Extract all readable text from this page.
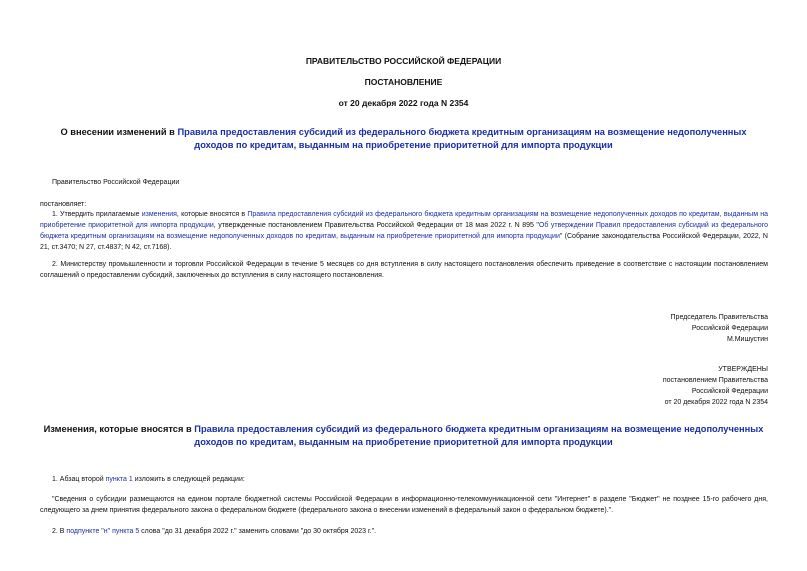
ПРАВИТЕЛЬСТВО РОССИЙСКОЙ ФЕДЕРАЦИИ
ПОСТАНОВЛЕНИЕ
от 20 декабря 2022 года N 2354
О внесении изменений в Правила предоставления субсидий из федерального бюджета кредитным организациям на возмещение недополученных доходов по кредитам, выданным на приобретение приоритетной для импорта продукции
Правительство Российской Федерации
постановляет:
1. Утвердить прилагаемые изменения, которые вносятся в Правила предоставления субсидий из федерального бюджета кредитным организациям на возмещение недополученных доходов по кредитам, выданным на приобретение приоритетной для импорта продукции, утвержденные постановлением Правительства Российской Федерации от 18 мая 2022 г. N 895 "Об утверждении Правил предоставления субсидий из федерального бюджета кредитным организациям на возмещение недополученных доходов по кредитам, выданным на приобретение приоритетной для импорта продукции" (Собрание законодательства Российской Федерации, 2022, N 21, ст.3470; N 27, ст.4837; N 42, ст.7168).
2. Министерству промышленности и торговли Российской Федерации в течение 5 месяцев со дня вступления в силу настоящего постановления обеспечить приведение в соответствие с настоящим постановлением соглашений о предоставлении субсидий, заключенных до вступления в силу настоящего постановления.
Председатель Правительства
Российской Федерации
М.Мишустин
УТВЕРЖДЕНЫ
постановлением Правительства
Российской Федерации
от 20 декабря 2022 года N 2354
Изменения, которые вносятся в Правила предоставления субсидий из федерального бюджета кредитным организациям на возмещение недополученных доходов по кредитам, выданным на приобретение приоритетной для импорта продукции
1. Абзац второй пункта 1 изложить в следующей редакции:
"Сведения о субсидии размещаются на едином портале бюджетной системы Российской Федерации в информационно-телекоммуникационной сети "Интернет" в разделе "Бюджет" не позднее 15-го рабочего дня, следующего за днем принятия федерального закона о федеральном бюджете (федерального закона о внесении изменений в федеральный закон о федеральном бюджете).".
2. В подпункте "н" пункта 5 слова "до 31 декабря 2022 г." заменить словами "до 30 октября 2023 г.".
